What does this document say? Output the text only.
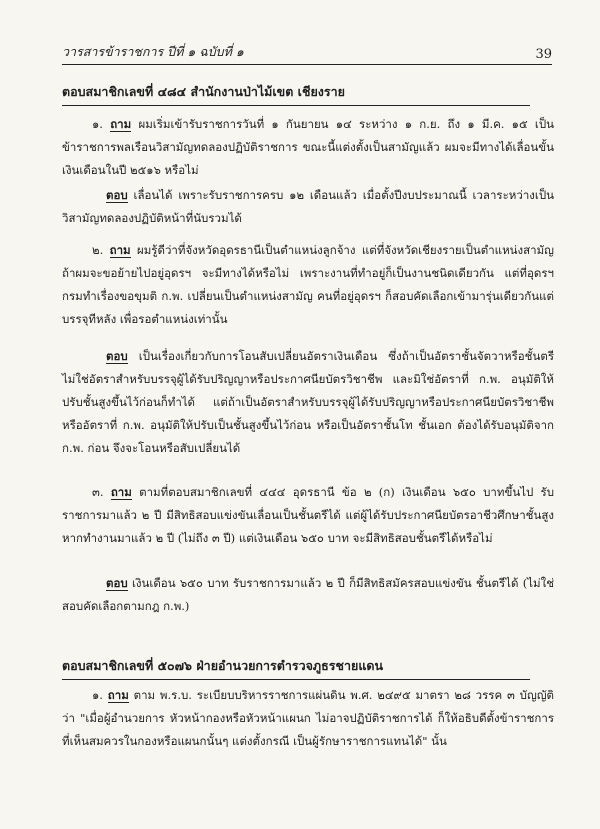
วารสารข้าราชการ ปีที่ ๑ ฉบับที่ ๑	39
ตอบสมาชิกเลขที่ ๔๘๔ สำนักงานป่าไม้เขต เชียงราย
๑. ถาม ผมเริ่มเข้ารับราชการวันที่ ๑ กันยายน ๑๔ ระหว่าง ๑ ก.ย. ถึง ๑ มี.ค. ๑๕ เป็นข้าราชการพลเรือนวิสามัญทดลองปฏิบัติราชการ ขณะนี้แต่งตั้งเป็นสามัญแล้ว ผมจะมีทางได้เลื่อนขั้นเงินเดือนในปี ๒๕๑๖ หรือไม่
ตอบ เลื่อนได้ เพราะรับราชการครบ ๑๒ เดือนแล้ว เมื่อตั้งปีงบประมาณนี้ เวลาระหว่างเป็นวิสามัญทดลองปฏิบัติหน้าที่นับรวมได้
๒. ถาม ผมรู้ดีว่าที่จังหวัดอุดรธานีเป็นตำแหน่งลูกจ้าง แต่ที่จังหวัดเชียงรายเป็นตำแหน่งสามัญ ถ้าผมจะขอย้ายไปอยู่อุดรฯ จะมีทางได้หรือไม่ เพราะงานที่ทำอยู่ก็เป็นงานชนิดเดียวกัน แต่ที่อุดรฯ กรมทำเรื่องขอขุมติ ก.พ. เปลี่ยนเป็นตำแหน่งสามัญ คนที่อยู่อุดรฯ ก็สอบคัดเลือกเข้ามารุ่นเดียวกันแต่บรรจุทีหลัง เพื่อรอตำแหน่งเท่านั้น
ตอบ เป็นเรื่องเกี่ยวกับการโอนสับเปลี่ยนอัตราเงินเดือน ซึ่งถ้าเป็นอัตราชั้นจัตวาหรือชั้นตรีไม่ใช่อัตราสำหรับบรรจุผู้ได้รับปริญญาหรือประกาศนียบัตรวิชาชีพ และมิใช่อัตราที่ ก.พ. อนุมัติให้ปรับชั้นสูงขึ้นไว้ก่อนก็ทำได้ แต่ถ้าเป็นอัตราสำหรับบรรจุผู้ได้รับปริญญาหรือประกาศนียบัตรวิชาชีพ หรืออัตราที่ ก.พ. อนุมัติให้ปรับเป็นชั้นสูงขึ้นไว้ก่อน หรือเป็นอัตราชั้นโท ชั้นเอก ต้องได้รับอนุมัติจาก ก.พ. ก่อน จึงจะโอนหรือสับเปลี่ยนได้
๓. ถาม ตามที่ตอบสมาชิกเลขที่ ๔๔๔ อุดรธานี ข้อ ๒ (ก) เงินเดือน ๖๕๐ บาทขึ้นไป รับราชการมาแล้ว ๒ ปี มีสิทธิสอบแข่งขันเลื่อนเป็นชั้นตรีได้ แต่ผู้ได้รับประกาศนียบัตรอาชีวศึกษาชั้นสูง หากทำงานมาแล้ว ๒ ปี (ไม่ถึง ๓ ปี) แต่เงินเดือน ๖๕๐ บาท จะมีสิทธิสอบชั้นตรีได้หรือไม่
ตอบ เงินเดือน ๖๕๐ บาท รับราชการมาแล้ว ๒ ปี ก็มีสิทธิสมัครสอบแข่งขัน ชั้นตรีได้ (ไม่ใช่สอบคัดเลือกตามกฎ ก.พ.)
ตอบสมาชิกเลขที่ ๕๐๗๖ ฝ่ายอำนวยการตำรวจภูธรชายแดน
๑. ถาม ตาม พ.ร.บ. ระเบียบบริหารราชการแผ่นดิน พ.ศ. ๒๔๙๕ มาตรา ๒๘ วรรค ๓ บัญญัติว่า "เมื่อผู้อำนวยการ หัวหน้ากองหรือหัวหน้าแผนก ไม่อาจปฏิบัติราชการได้ ก็ให้อธิบดีตั้งข้าราชการที่เห็นสมควรในกองหรือแผนกนั้นๆ แต่งตั้งกรณี เป็นผู้รักษาราชการแทนได้" นั้น
